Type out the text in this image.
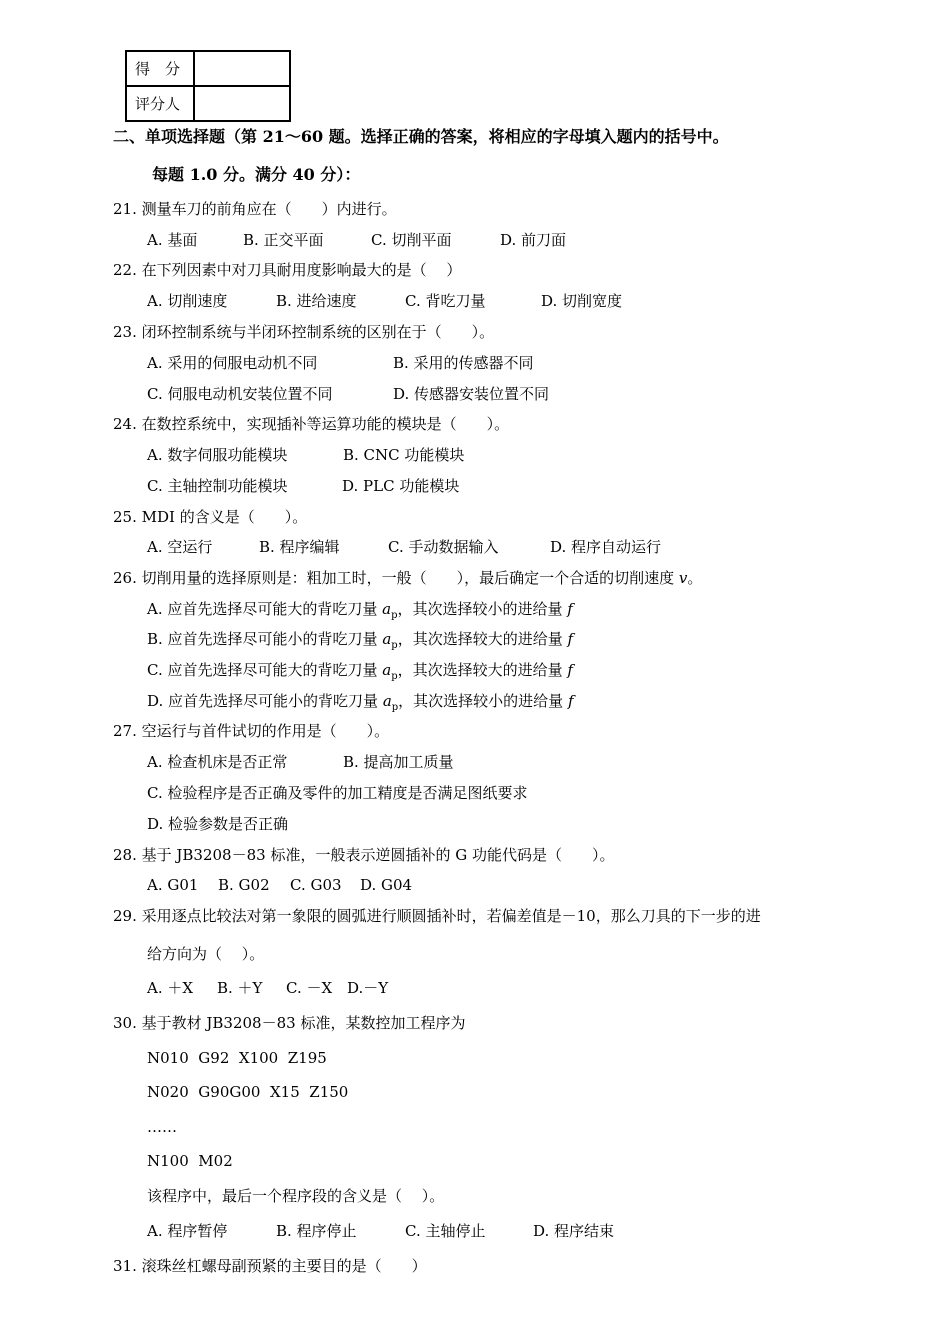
得　分	
评分人	
二、单项选择题（第 21～60 题。选择正确的答案，将相应的字母填入题内的括号中。
每题 1.0 分。满分 40 分）：
21. 测量车刀的前角应在（　　）内进行。
A. 基面	B. 正交平面	C. 切削平面	D. 前刀面
22. 在下列因素中对刀具耐用度影响最大的是（　 ）
A. 切削速度	B. 进给速度	C. 背吃刀量	D. 切削宽度
23. 闭环控制系统与半闭环控制系统的区别在于（　　）。
A. 采用的伺服电动机不同	B. 采用的传感器不同
C. 伺服电动机安装位置不同	D. 传感器安装位置不同
24. 在数控系统中，实现插补等运算功能的模块是（　　）。
A. 数字伺服功能模块	B. CNC 功能模块
C. 主轴控制功能模块	D. PLC 功能模块
25. MDI 的含义是（　　）。
A. 空运行	B. 程序编辑	C. 手动数据输入	D. 程序自动运行
26. 切削用量的选择原则是：粗加工时，一般（　　），最后确定一个合适的切削速度 v。
A. 应首先选择尽可能大的背吃刀量 $a_p$，其次选择较小的进给量 f
B. 应首先选择尽可能小的背吃刀量 $a_p$，其次选择较大的进给量 f
C. 应首先选择尽可能大的背吃刀量 $a_p$，其次选择较大的进给量 f
D. 应首先选择尽可能小的背吃刀量 $a_p$，其次选择较小的进给量 f
27. 空运行与首件试切的作用是（　　）。
A. 检查机床是否正常	B. 提高加工质量
C. 检验程序是否正确及零件的加工精度是否满足图纸要求
D. 检验参数是否正确
28. 基于 JB3208－83 标准，一般表示逆圆插补的 G 功能代码是（　　）。
A. G01 B. G02 C. G03 D. G04
29. 采用逐点比较法对第一象限的圆弧进行顺圆插补时，若偏差值是－10，那么刀具的下一步的进
给方向为（　 ）。
A. ＋X B. ＋Y C. －X D.－Y
30. 基于教材 JB3208－83 标准，某数控加工程序为
N010  G92  X100  Z195
N020  G90G00  X15  Z150
……
N100  M02
该程序中，最后一个程序段的含义是（　 ）。
A. 程序暂停	B. 程序停止	C. 主轴停止	D. 程序结束
31. 滚珠丝杠螺母副预紧的主要目的是（　　）
